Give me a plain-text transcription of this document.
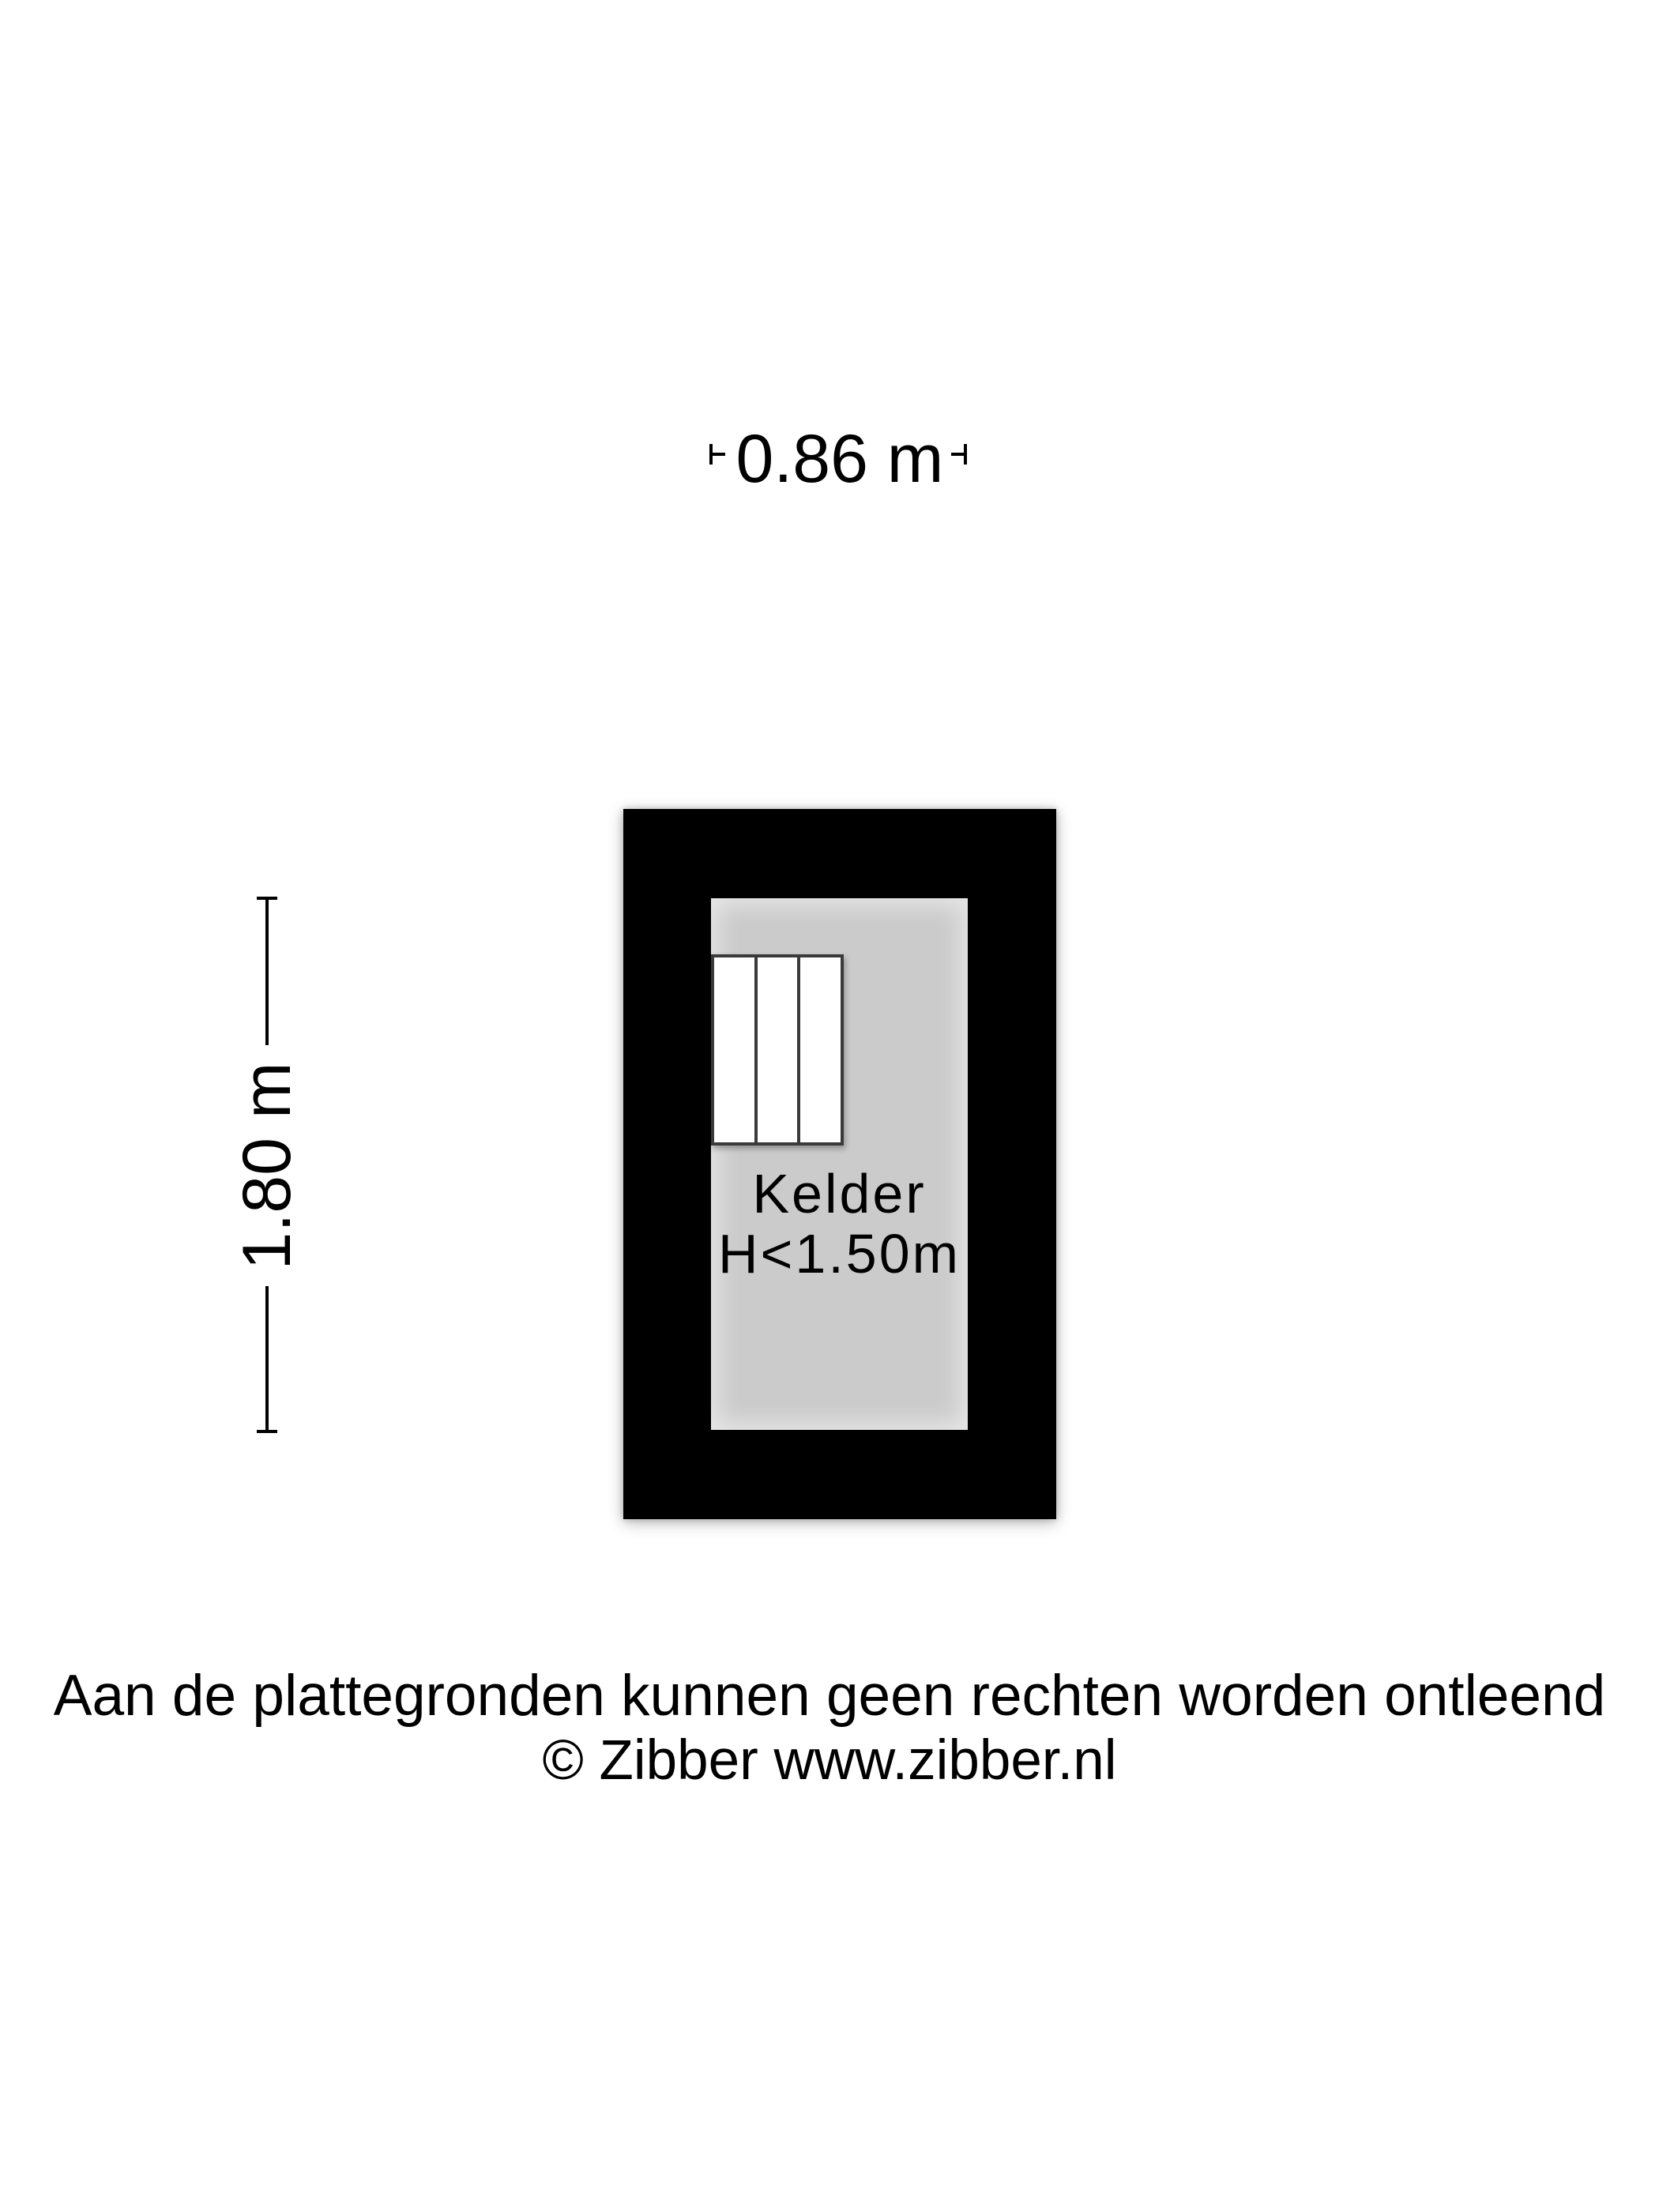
0.86 m
1.80 m	Kelder
H<1.50m
Aan de plattegronden kunnen geen rechten worden ontleend
© Zibber www.zibber.nl
